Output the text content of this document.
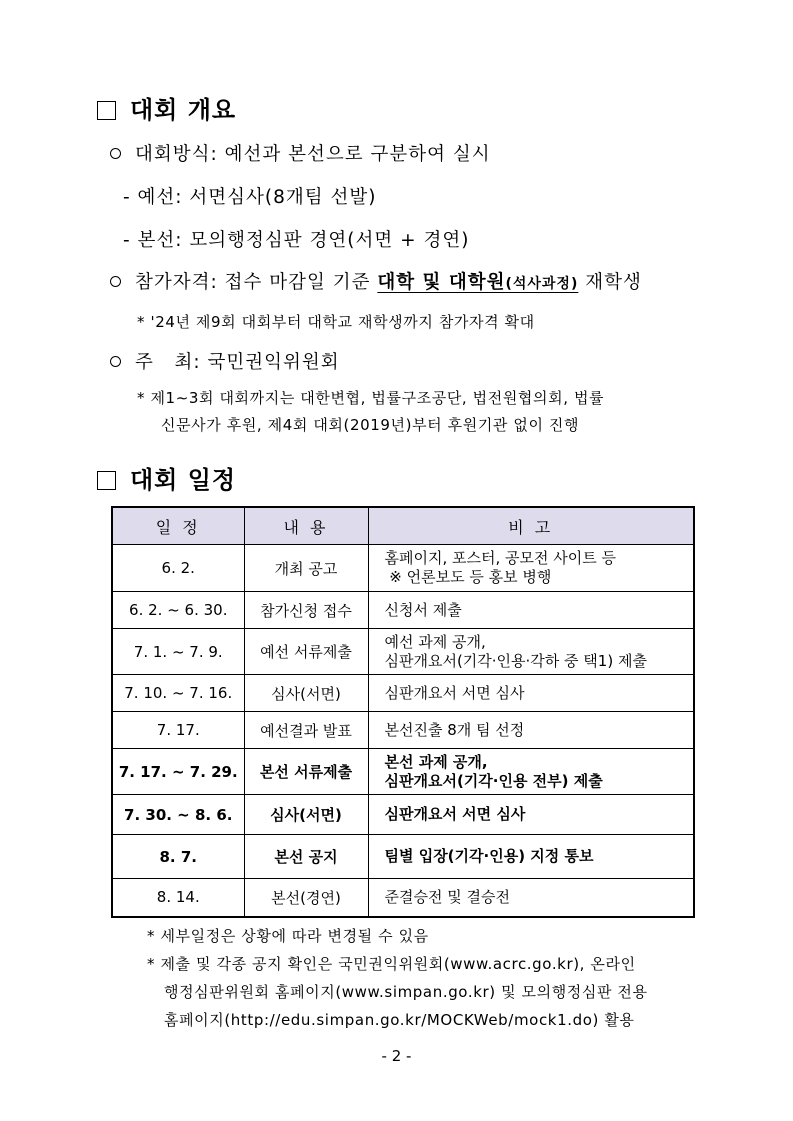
대회 개요
대회방식: 예선과 본선으로 구분하여 실시
- 예선: 서면심사(8개팀 선발)
- 본선: 모의행정심판 경연(서면 + 경연)
참가자격: 접수 마감일 기준 대학 및 대학원(석사과정) 재학생
* '24년 제9회 대회부터 대학교 재학생까지 참가자격 확대
주   최: 국민권익위원회
* 제1∼3회 대회까지는 대한변협, 법률구조공단, 법전원협의회, 법률
신문사가 후원, 제4회 대회(2019년)부터 후원기관 없이 진행
대회 일정
일 정	내 용	비 고
6. 2.	개최 공고	홈페이지, 포스터, 공모전 사이트 등
※ 언론보도 등 홍보 병행

6. 2. ~ 6. 30.	참가신청 접수	신청서 제출
7. 1. ~ 7. 9.	예선 서류제출	예선 과제 공개,
심판개요서(기각·인용·각하 중 택1) 제출

7. 10. ~ 7. 16.	심사(서면)	심판개요서 서면 심사
7. 17.	예선결과 발표	본선진출 8개 팀 선정
7. 17. ~ 7. 29.	본선 서류제출	본선 과제 공개,
심판개요서(기각·인용 전부) 제출

7. 30. ~ 8. 6.	심사(서면)	심판개요서 서면 심사
8. 7.	본선 공지	팀별 입장(기각·인용) 지정 통보
8. 14.	본선(경연)	준결승전 및 결승전
* 세부일정은 상황에 따라 변경될 수 있음
* 제출 및 각종 공지 확인은 국민권익위원회(www.acrc.go.kr), 온라인
행정심판위원회 홈페이지(www.simpan.go.kr) 및 모의행정심판 전용
홈페이지(http://edu.simpan.go.kr/MOCKWeb/mock1.do) 활용
- 2 -
